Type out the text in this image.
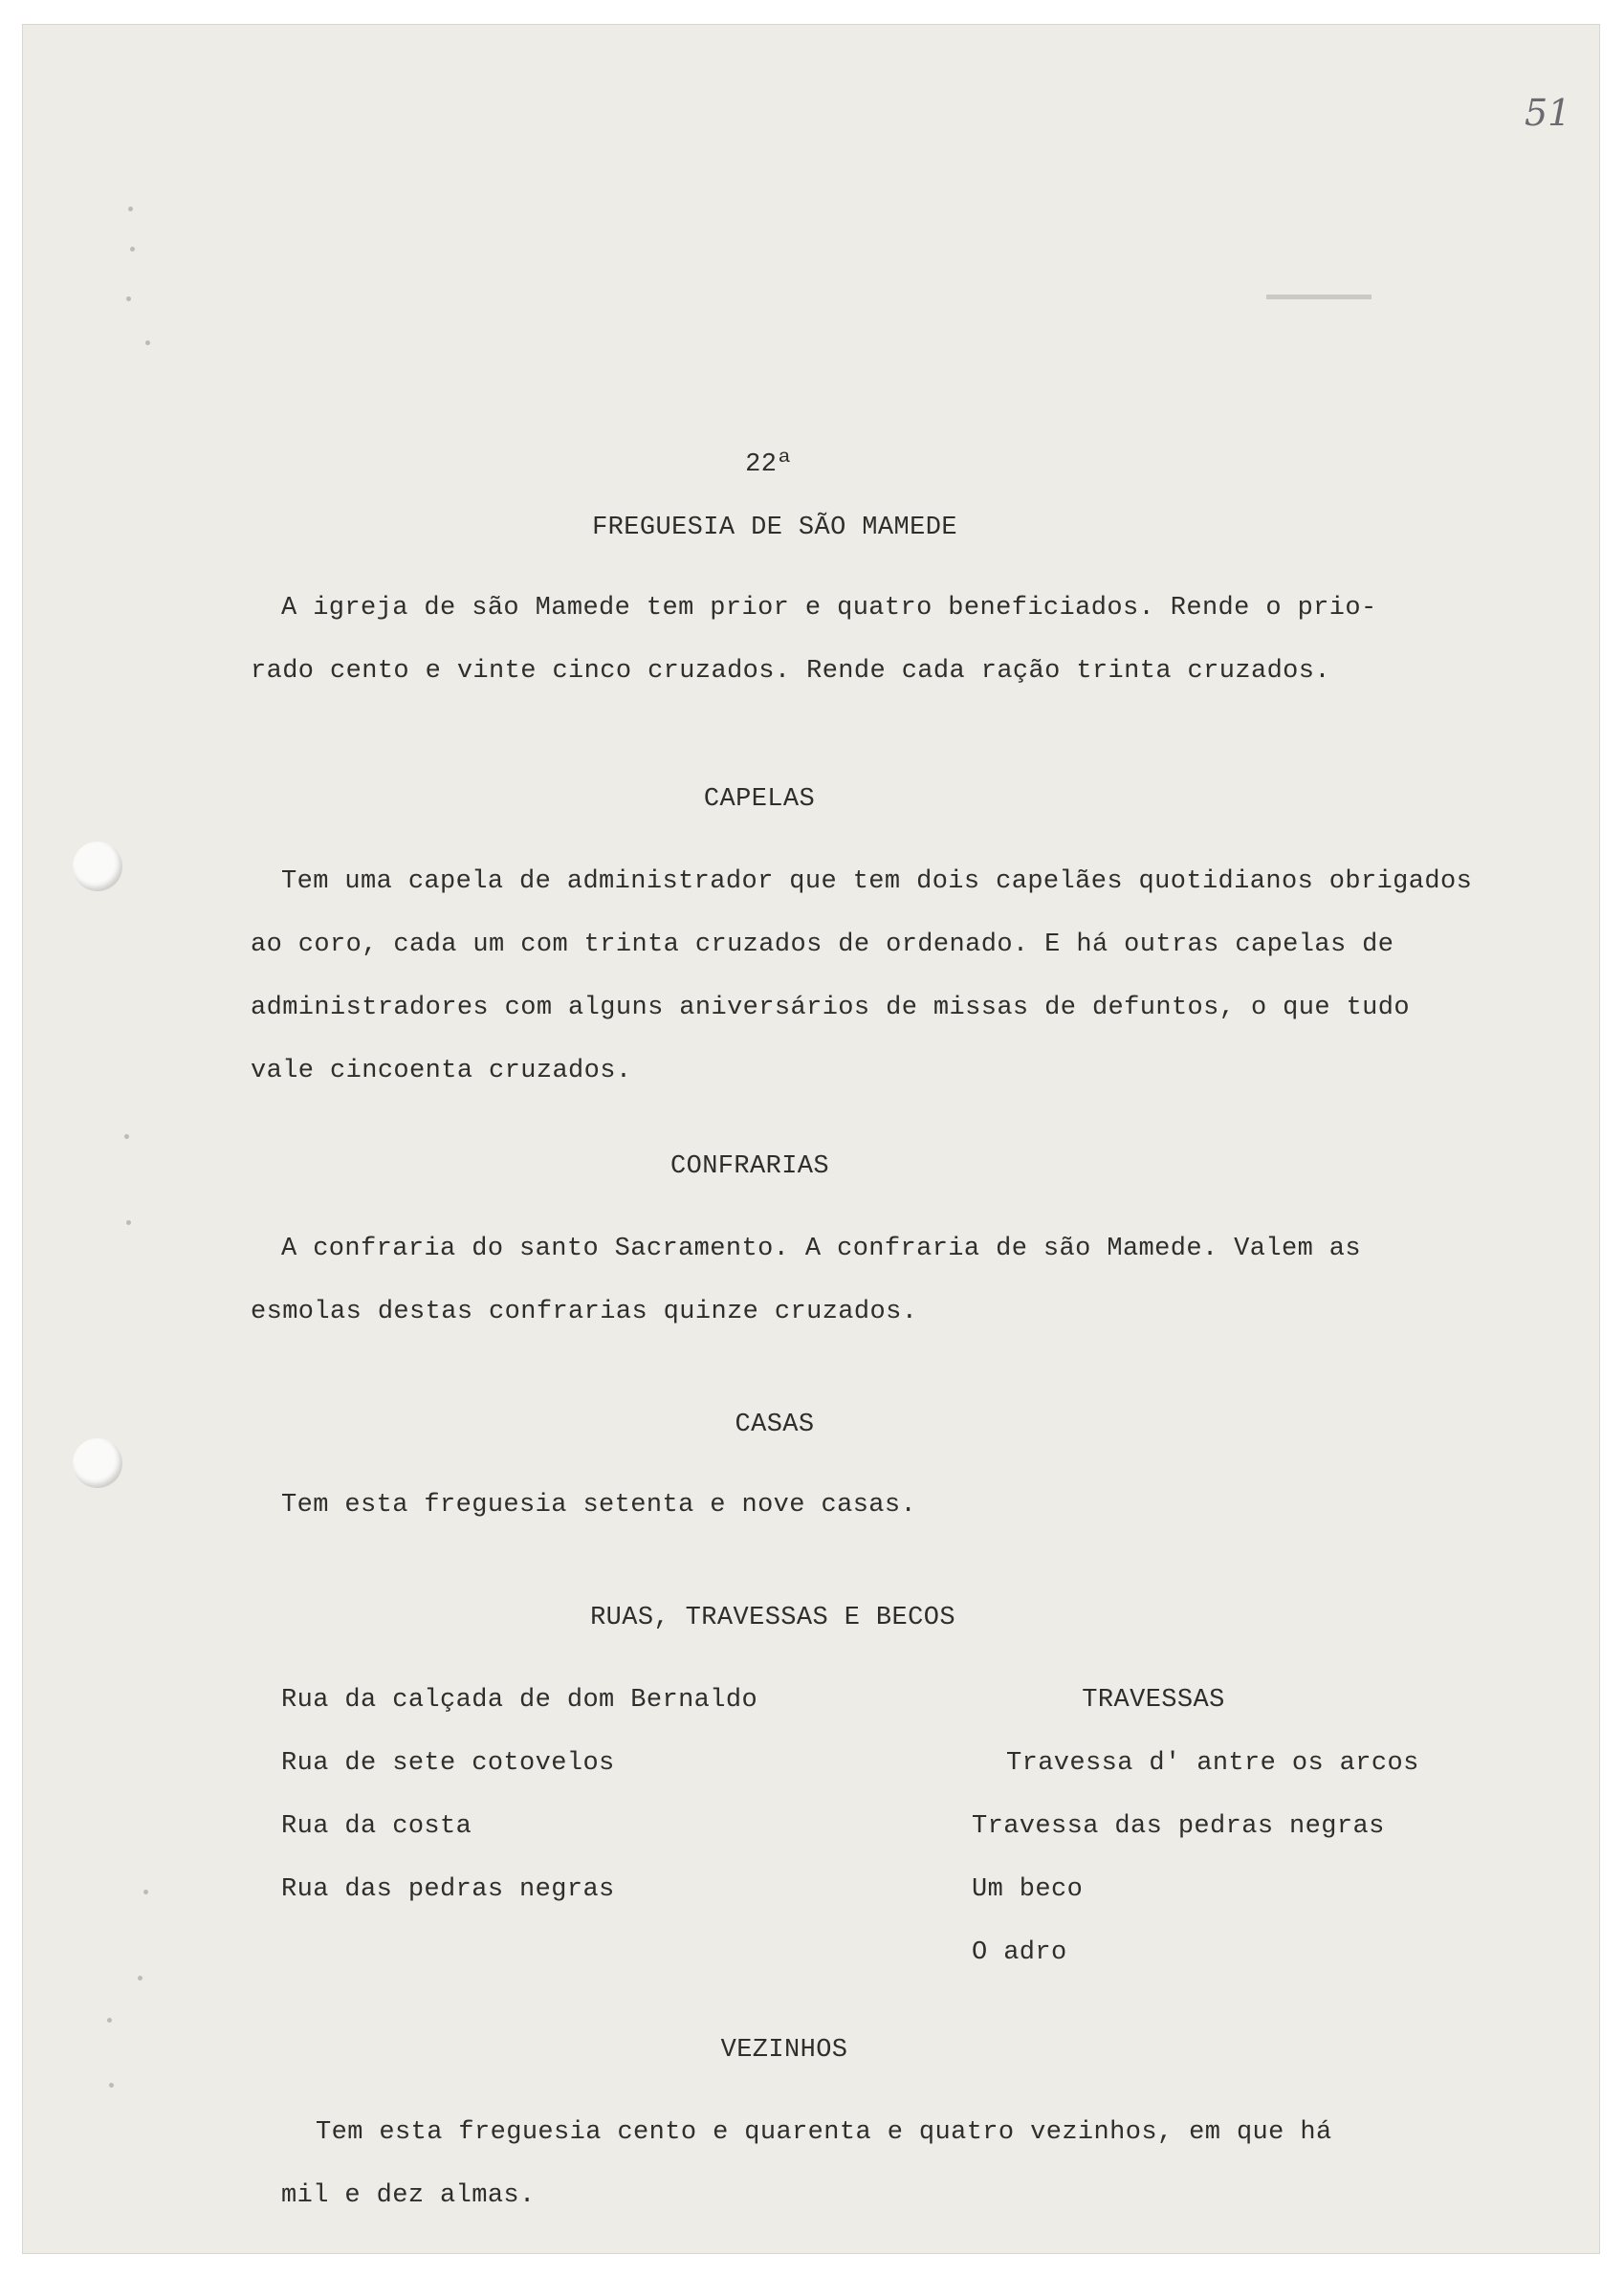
51
22ª
FREGUESIA DE SÃO MAMEDE
A igreja de são Mamede tem prior e quatro beneficiados. Rende o prio-
rado cento e vinte cinco cruzados. Rende cada ração trinta cruzados.
CAPELAS
Tem uma capela de administrador que tem dois capelães quotidianos obrigados
ao coro, cada um com trinta cruzados de ordenado. E há outras capelas de
administradores com alguns aniversários de missas de defuntos, o que tudo
vale cincoenta cruzados.
CONFRARIAS
A confraria do santo Sacramento. A confraria de são Mamede. Valem as
esmolas destas confrarias quinze cruzados.
CASAS
Tem esta freguesia setenta e nove casas.
RUAS, TRAVESSAS E BECOS
Rua da calçada de dom Bernaldo
Rua de sete cotovelos
Rua da costa
Rua das pedras negras
TRAVESSAS
Travessa d' antre os arcos
Travessa das pedras negras
Um beco
O adro
VEZINHOS
Tem esta freguesia cento e quarenta e quatro vezinhos, em que há
mil e dez almas.
